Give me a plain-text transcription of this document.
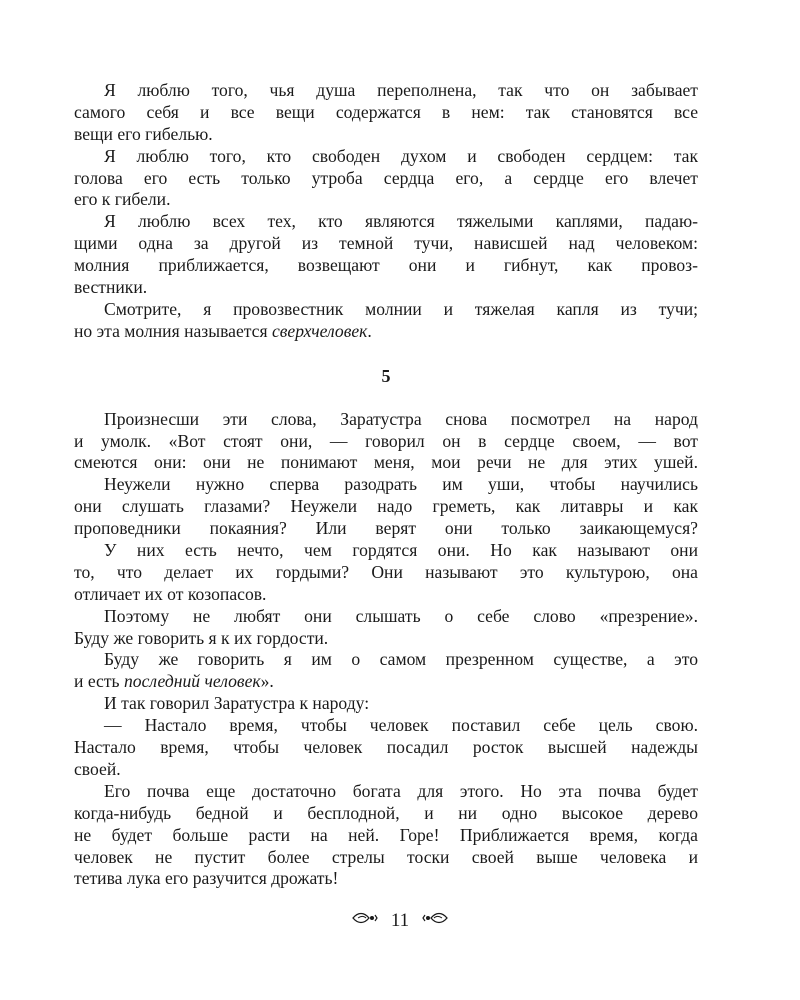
Я люблю того, чья душа переполнена, так что он забывает
самого себя и все вещи содержатся в нем: так становятся все
вещи его гибелью.
Я люблю того, кто свободен духом и свободен сердцем: так
голова его есть только утроба сердца его, а сердце его влечет
его к гибели.
Я люблю всех тех, кто являются тяжелыми каплями, падаю-
щими одна за другой из темной тучи, нависшей над человеком:
молния приближается, возвещают они и гибнут, как провоз-
вестники.
Смотрите, я провозвестник молнии и тяжелая капля из тучи;
но эта молния называется сверхчеловек.
5
Произнесши эти слова, Заратустра снова посмотрел на народ
и умолк. «Вот стоят они, — говорил он в сердце своем, — вот
смеются они: они не понимают меня, мои речи не для этих ушей.
Неужели нужно сперва разодрать им уши, чтобы научились
они слушать глазами? Неужели надо греметь, как литавры и как
проповедники покаяния? Или верят они только заикающемуся?
У них есть нечто, чем гордятся они. Но как называют они
то, что делает их гордыми? Они называют это культурою, она
отличает их от козопасов.
Поэтому не любят они слышать о себе слово «презрение».
Буду же говорить я к их гордости.
Буду же говорить я им о самом презренном существе, а это
и есть последний человек».
И так говорил Заратустра к народу:
— Настало время, чтобы человек поставил себе цель свою.
Настало время, чтобы человек посадил росток высшей надежды
своей.
Его почва еще достаточно богата для этого. Но эта почва будет
когда-нибудь бедной и бесплодной, и ни одно высокое дерево
не будет больше расти на ней. Горе! Приближается время, когда
человек не пустит более стрелы тоски своей выше человека и
тетива лука его разучится дрожать!
11
